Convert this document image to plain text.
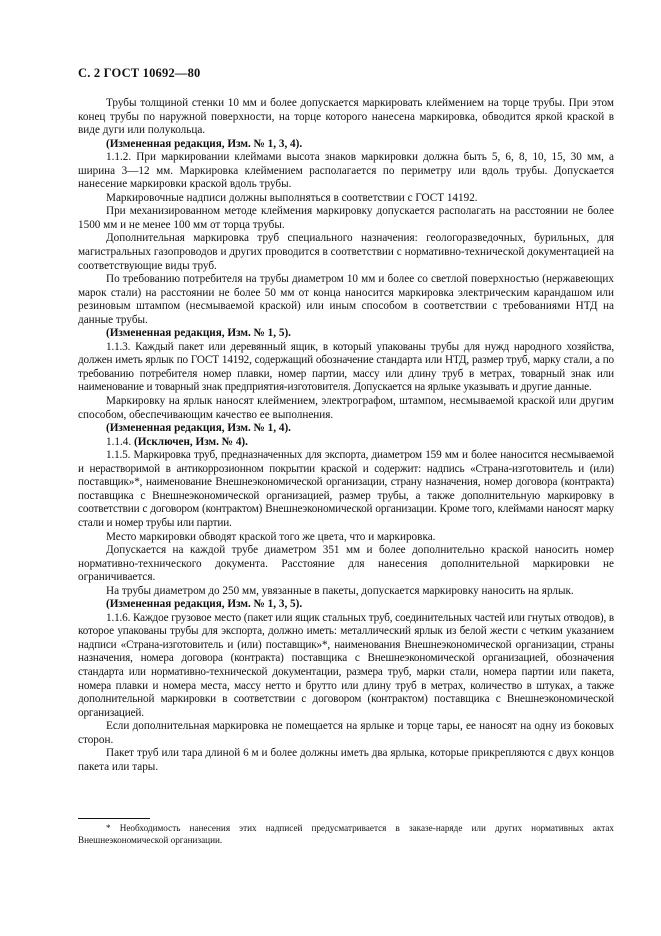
С. 2 ГОСТ 10692—80

Трубы толщиной стенки 10 мм и более допускается маркировать клеймением на торце трубы. При этом конец трубы по наружной поверхности, на торце которого нанесена маркировка, обводится яркой краской в виде дуги или полукольца.

(Измененная редакция, Изм. № 1, 3, 4).

1.1.2. При маркировании клеймами высота знаков маркировки должна быть 5, 6, 8, 10, 15, 30 мм, а ширина 3—12 мм. Маркировка клеймением располагается по периметру или вдоль трубы. Допускается нанесение маркировки краской вдоль трубы.

Маркировочные надписи должны выполняться в соответствии с ГОСТ 14192.

При механизированном методе клеймения маркировку допускается располагать на расстоянии не более 1500 мм и не менее 100 мм от торца трубы.

Дополнительная маркировка труб специального назначения: геологоразведочных, бурильных, для магистральных газопроводов и других проводится в соответствии с нормативно-технической документацией на соответствующие виды труб.

По требованию потребителя на трубы диаметром 10 мм и более со светлой поверхностью (нержавеющих марок стали) на расстоянии не более 50 мм от конца наносится маркировка электрическим карандашом или резиновым штампом (несмываемой краской) или иным способом в соответствии с требованиями НТД на данные трубы.

(Измененная редакция, Изм. № 1, 5).

1.1.3. Каждый пакет или деревянный ящик, в который упакованы трубы для нужд народного хозяйства, должен иметь ярлык по ГОСТ 14192, содержащий обозначение стандарта или НТД, размер труб, марку стали, а по требованию потребителя номер плавки, номер партии, массу или длину труб в метрах, товарный знак или наименование и товарный знак предприятия-изготовителя. Допускается на ярлыке указывать и другие данные.

Маркировку на ярлык наносят клеймением, электрографом, штампом, несмываемой краской или другим способом, обеспечивающим качество ее выполнения.

(Измененная редакция, Изм. № 1, 4).

1.1.4. (Исключен, Изм. № 4).

1.1.5. Маркировка труб, предназначенных для экспорта, диаметром 159 мм и более наносится несмываемой и нерастворимой в антикоррозионном покрытии краской и содержит: надпись «Страна-изготовитель и (или) поставщик»*, наименование Внешнеэкономической организации, страну назначения, номер договора (контракта) поставщика с Внешнеэкономической организацией, размер трубы, а также дополнительную маркировку в соответствии с договором (контрактом) Внешнеэкономической организации. Кроме того, клеймами наносят марку стали и номер трубы или партии.

Место маркировки обводят краской того же цвета, что и маркировка.

Допускается на каждой трубе диаметром 351 мм и более дополнительно краской наносить номер нормативно-технического документа. Расстояние для нанесения дополнительной маркировки не ограничивается.

На трубы диаметром до 250 мм, увязанные в пакеты, допускается маркировку наносить на ярлык.

(Измененная редакция, Изм. № 1, 3, 5).

1.1.6. Каждое грузовое место (пакет или ящик стальных труб, соединительных частей или гнутых отводов), в которое упакованы трубы для экспорта, должно иметь: металлический ярлык из белой жести с четким указанием надписи «Страна-изготовитель и (или) поставщик»*, наименования Внешнеэкономической организации, страны назначения, номера договора (контракта) поставщика с Внешнеэкономической организацией, обозначения стандарта или нормативно-технической документации, размера труб, марки стали, номера партии или пакета, номера плавки и номера места, массу нетто и брутто или длину труб в метрах, количество в штуках, а также дополнительной маркировки в соответствии с договором (контрактом) поставщика с Внешнеэкономической организацией.

Если дополнительная маркировка не помещается на ярлыке и торце тары, ее наносят на одну из боковых сторон.

Пакет труб или тара длиной 6 м и более должны иметь два ярлыка, которые прикрепляются с двух концов пакета или тары.

* Необходимость нанесения этих надписей предусматривается в заказе-наряде или других нормативных актах Внешнеэкономической организации.
